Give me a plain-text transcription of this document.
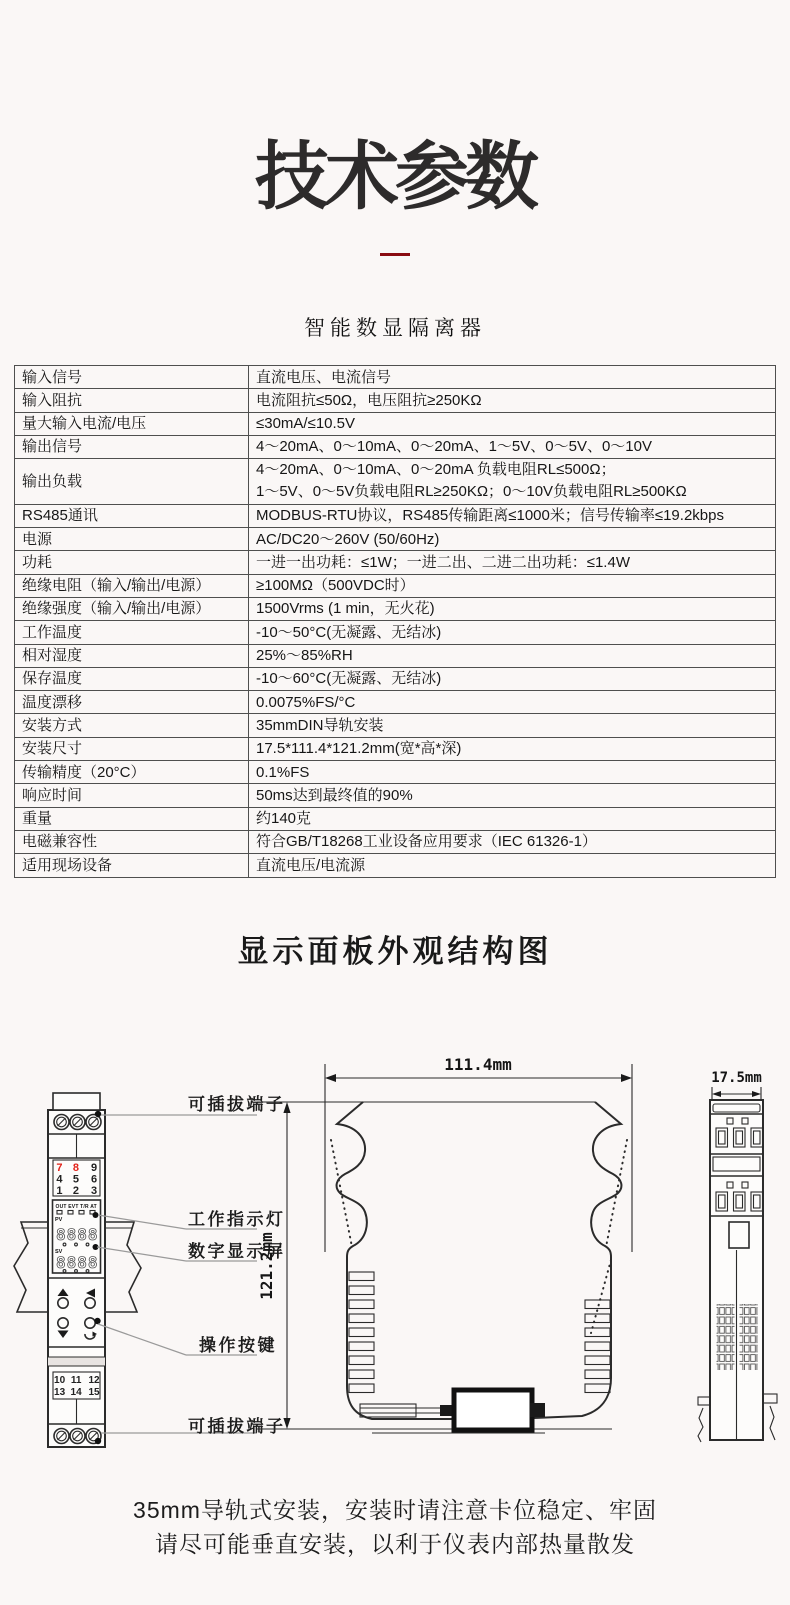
技术参数
智能数显隔离器
输入信号	直流电压、电流信号
输入阻抗	电流阻抗≤50Ω，电压阻抗≥250KΩ
量大输入电流/电压	≤30mA/≤10.5V
输出信号	4～20mA、0～10mA、0～20mA、1～5V、0～5V、0～10V
输出负载	4～20mA、0～10mA、0～20mA 负载电阻RL≤500Ω；
1～5V、0～5V负载电阻RL≥250KΩ；0～10V负载电阻RL≥500KΩ

RS485通讯	MODBUS-RTU协议，RS485传输距离≤1000米；信号传输率≤19.2kbps
电源	AC/DC20～260V (50/60Hz)
功耗	一进一出功耗：≤1W；一进二出、二进二出功耗：≤1.4W
绝缘电阻（输入/输出/电源）	≥100MΩ（500VDC时）
绝缘强度（输入/输出/电源）	1500Vrms (1 min，无火花)
工作温度	-10～50°C(无凝露、无结冰)
相对湿度	25%～85%RH
保存温度	-10～60°C(无凝露、无结冰)
温度漂移	0.0075%FS/°C
安装方式	35mmDIN导轨安装
安装尺寸	17.5*111.4*121.2mm(宽*高*深)
传输精度（20°C）	0.1%FS
响应时间	50ms达到最终值的90%
重量	约140克
电磁兼容性	符合GB/T18268工业设备应用要求（IEC 61326-1）
适用现场设备	直流电压/电流源
显示面板外观结构图
7 8 9
4 5 6
1 2 3
OUT EVT T/R AT
PV
8888
SV
8888
10 11 12
13 14 15
可插拔端子
工作指示灯
数字显示屏
操作按键
可插拔端子
121.2mm
111.4mm
17.5mm
35mm导轨式安装，安装时请注意卡位稳定、牢固
请尽可能垂直安装，以利于仪表内部热量散发
